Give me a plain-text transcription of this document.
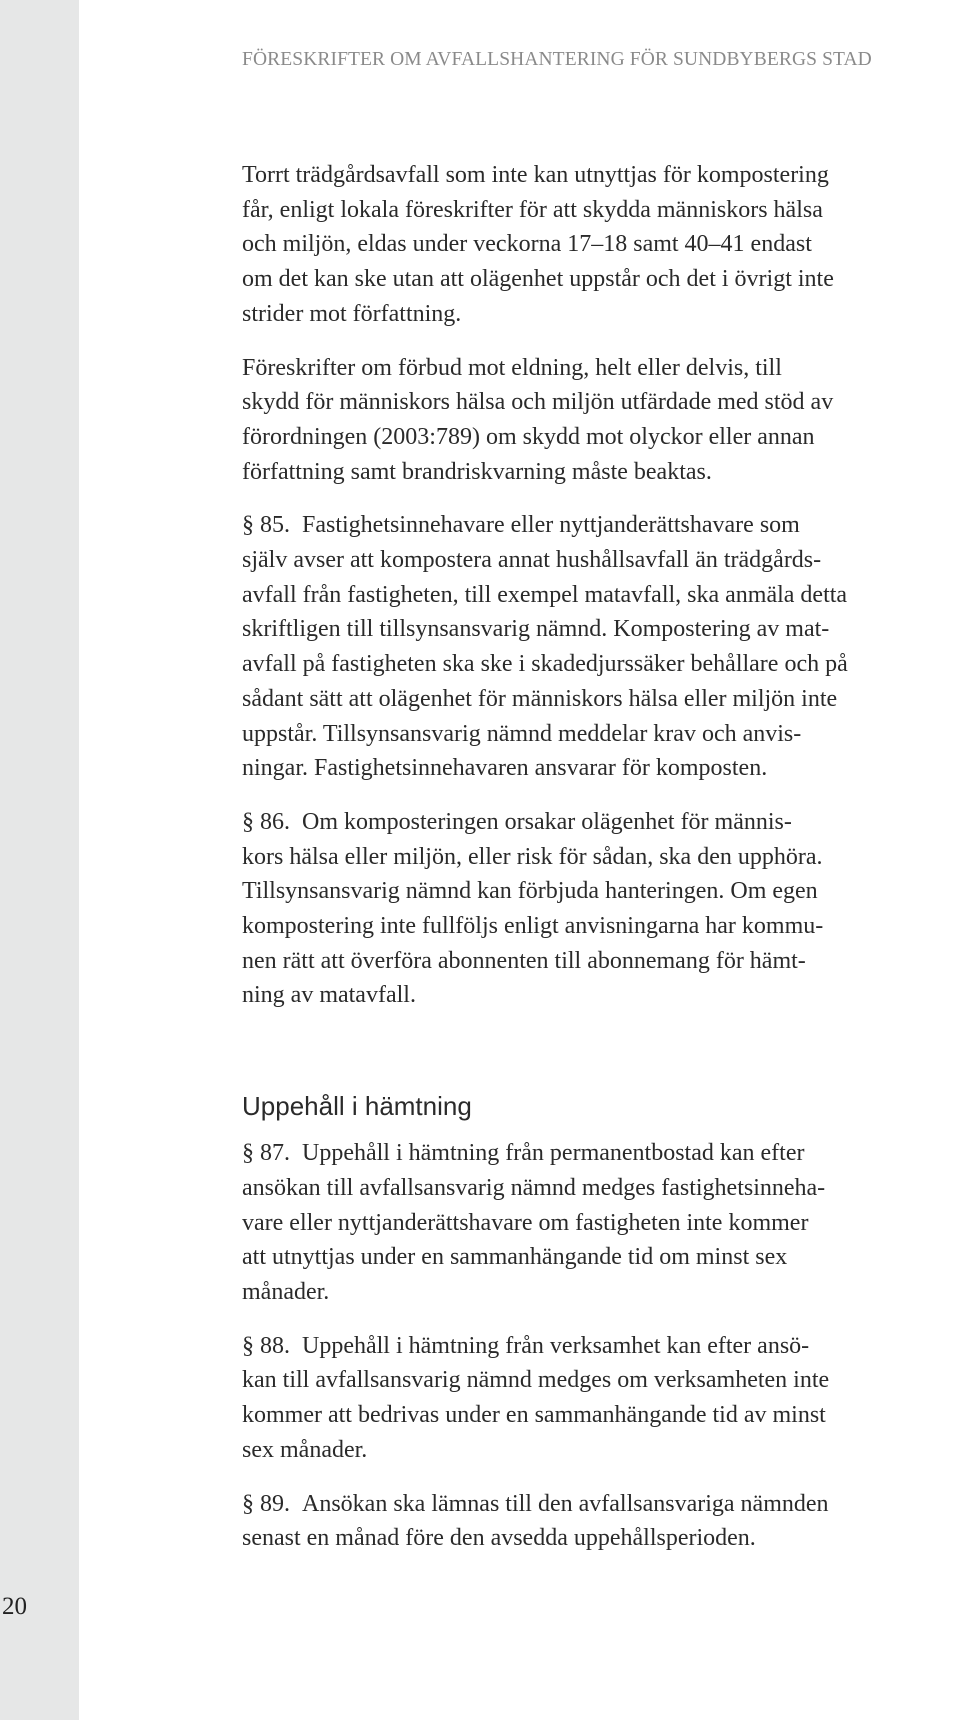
20
FÖRESKRIFTER OM AVFALLSHANTERING FÖR SUNDBYBERGS STAD

Torrt trädgårdsavfall som inte kan utnyttjas för kompostering
får, enligt lokala föreskrifter för att skydda människors hälsa
och miljön, eldas under veckorna 17–18 samt 40–41 endast
om det kan ske utan att olägenhet uppstår och det i övrigt inte
strider mot författning.

Föreskrifter om förbud mot eldning, helt eller delvis, till
skydd för människors hälsa och miljön utfärdade med stöd av
förordningen (2003:789) om skydd mot olyckor eller annan
författning samt brandriskvarning måste beaktas.

§ 85. Fastighetsinnehavare eller nyttjanderättshavare som
själv avser att kompostera annat hushållsavfall än trädgårds-
avfall från fastigheten, till exempel matavfall, ska anmäla detta
skriftligen till tillsynsansvarig nämnd. Kompostering av mat-
avfall på fastigheten ska ske i skadedjurssäker behållare och på
sådant sätt att olägenhet för människors hälsa eller miljön inte
uppstår. Tillsynsansvarig nämnd meddelar krav och anvis-
ningar. Fastighetsinnehavaren ansvarar för komposten.

§ 86. Om komposteringen orsakar olägenhet för männis-
kors hälsa eller miljön, eller risk för sådan, ska den upphöra.
Tillsynsansvarig nämnd kan förbjuda hanteringen. Om egen
kompostering inte fullföljs enligt anvisningarna har kommu-
nen rätt att överföra abonnenten till abonnemang för hämt-
ning av matavfall.

Uppehåll i hämtning

§ 87. Uppehåll i hämtning från permanentbostad kan efter
ansökan till avfallsansvarig nämnd medges fastighetsinneha-
vare eller nyttjanderättshavare om fastigheten inte kommer
att utnyttjas under en sammanhängande tid om minst sex
månader.

§ 88. Uppehåll i hämtning från verksamhet kan efter ansö-
kan till avfallsansvarig nämnd medges om verksamheten inte
kommer att bedrivas under en sammanhängande tid av minst
sex månader.

§ 89. Ansökan ska lämnas till den avfallsansvariga nämnden
senast en månad före den avsedda uppehållsperioden.
